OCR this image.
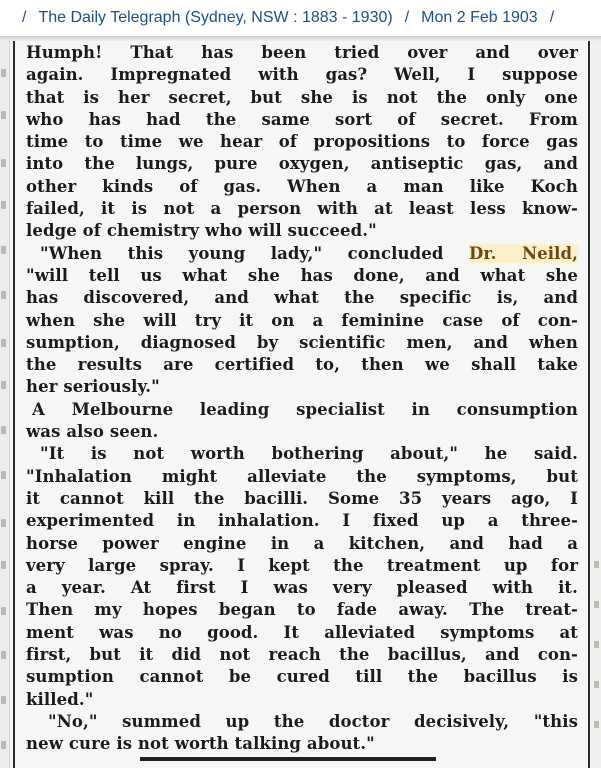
/ The Daily Telegraph (Sydney, NSW : 1883 - 1930) / Mon 2 Feb 1903 /
Humph! That has been tried over and over
again. Impregnated with gas? Well, I suppose
that is her secret, but she is not the only one
who has had the same sort of secret. From
time to time we hear of propositions to force gas
into the lungs, pure oxygen, antiseptic gas, and
other kinds of gas. When a man like Koch
failed, it is not a person with at least less know-
ledge of chemistry who will succeed."
"When this young lady," concluded Dr. Neild,
"will tell us what she has done, and what she
has discovered, and what the specific is, and
when she will try it on a feminine case of con-
sumption, diagnosed by scientific men, and when
the results are certified to, then we shall take
her seriously."
A Melbourne leading specialist in consumption
was also seen.
"It is not worth bothering about," he said.
"Inhalation might alleviate the symptoms, but
it cannot kill the bacilli. Some 35 years ago, I
experimented in inhalation. I fixed up a three-
horse power engine in a kitchen, and had a
very large spray. I kept the treatment up for
a year. At first I was very pleased with it.
Then my hopes began to fade away. The treat-
ment was no good. It alleviated symptoms at
first, but it did not reach the bacillus, and con-
sumption cannot be cured till the bacillus is
killed."
"No," summed up the doctor decisively, "this
new cure is not worth talking about."
